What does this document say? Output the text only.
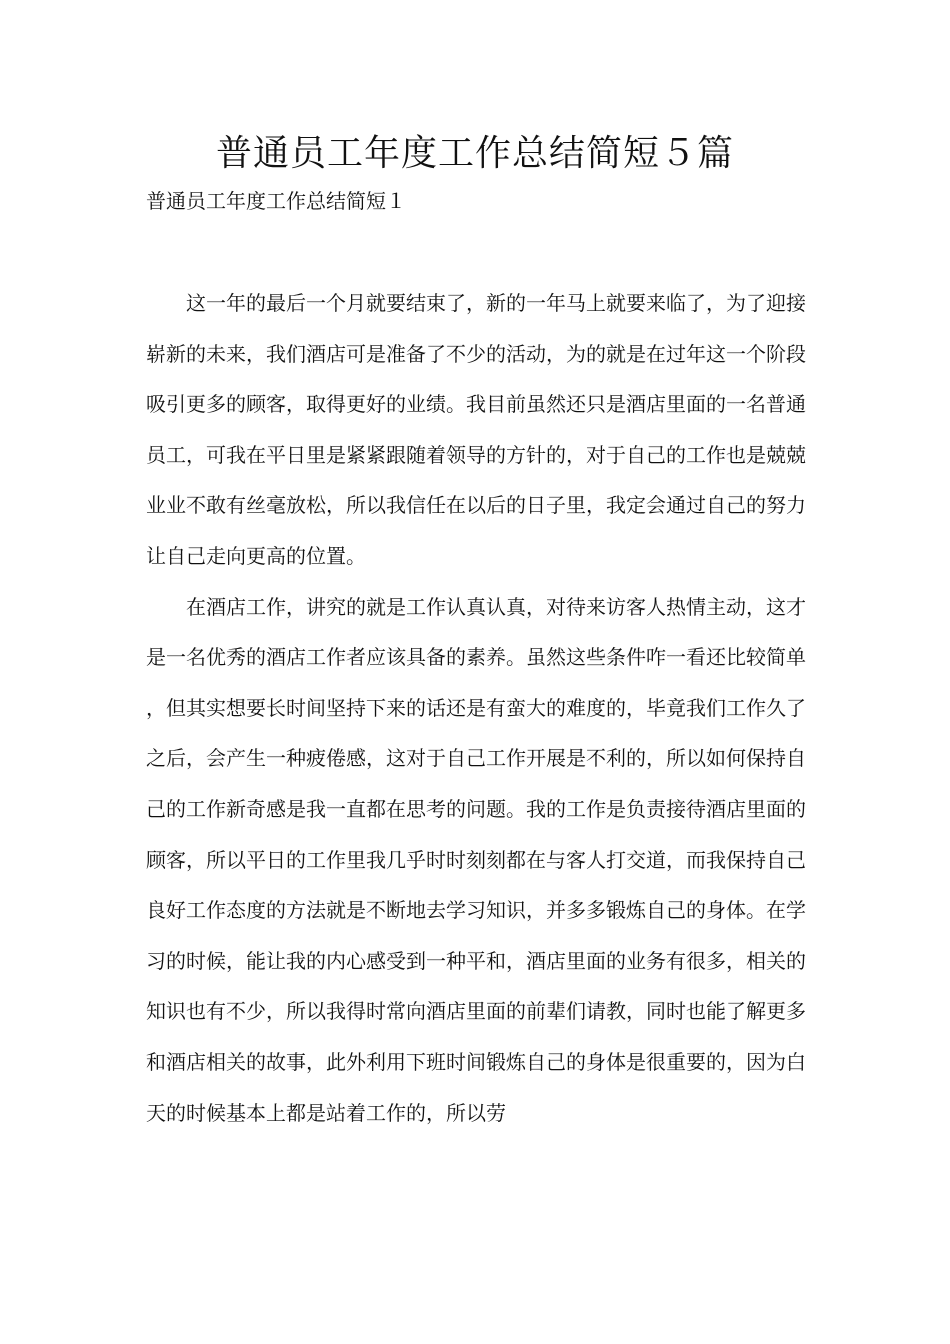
普通员工年度工作总结简短５篇

普通员工年度工作总结简短１

这一年的最后一个月就要结束了，新的一年马上就要来临了，为了迎接崭新的未来，我们酒店可是准备了不少的活动，为的就是在过年这一个阶段吸引更多的顾客，取得更好的业绩。我目前虽然还只是酒店里面的一名普通员工，可我在平日里是紧紧跟随着领导的方针的，对于自己的工作也是兢兢业业不敢有丝毫放松，所以我信任在以后的日子里，我定会通过自己的努力让自己走向更高的位置。

在酒店工作，讲究的就是工作认真认真，对待来访客人热情主动，这才是一名优秀的酒店工作者应该具备的素养。虽然这些条件咋一看还比较简单，但其实想要长时间坚持下来的话还是有蛮大的难度的，毕竟我们工作久了之后，会产生一种疲倦感，这对于自己工作开展是不利的，所以如何保持自己的工作新奇感是我一直都在思考的问题。我的工作是负责接待酒店里面的顾客，所以平日的工作里我几乎时时刻刻都在与客人打交道，而我保持自己良好工作态度的方法就是不断地去学习知识，并多多锻炼自己的身体。在学习的时候，能让我的内心感受到一种平和，酒店里面的业务有很多，相关的知识也有不少，所以我得时常向酒店里面的前辈们请教，同时也能了解更多和酒店相关的故事，此外利用下班时间锻炼自己的身体是很重要的，因为白天的时候基本上都是站着工作的，所以劳
